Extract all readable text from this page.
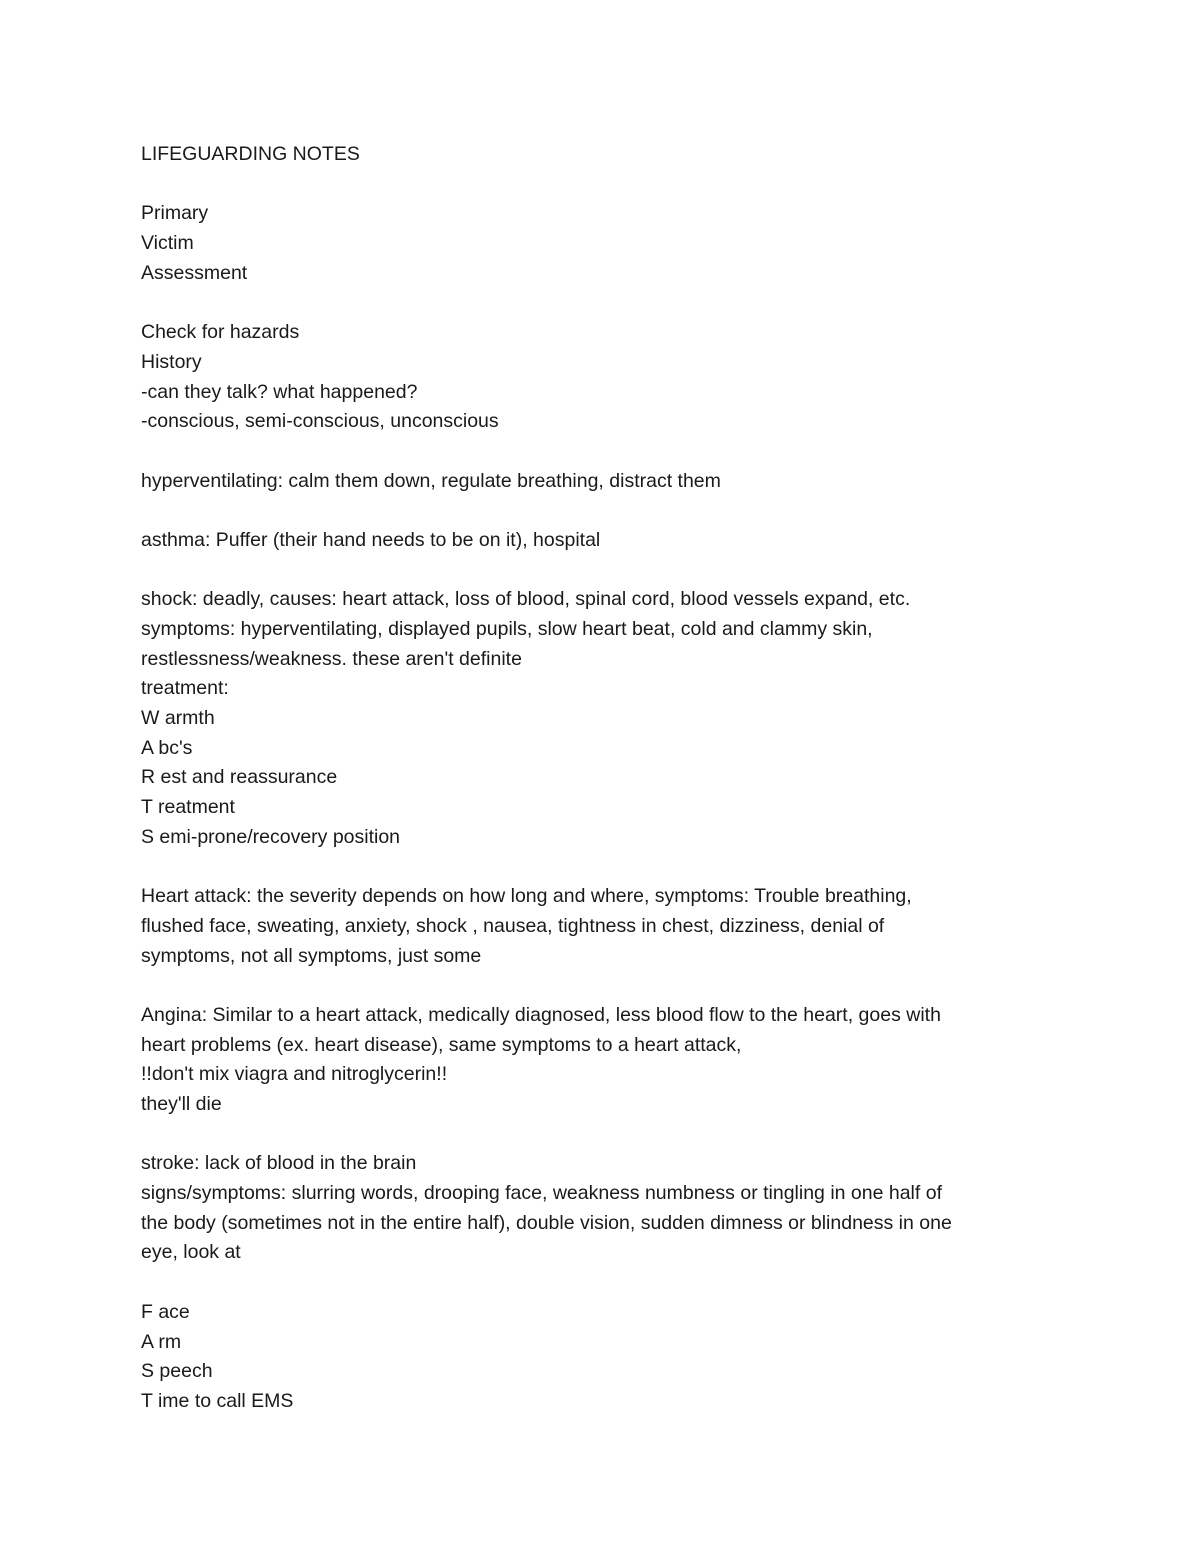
LIFEGUARDING NOTES
Primary
Victim
Assessment
Check for hazards
History
-can they talk? what happened?
-conscious, semi-conscious, unconscious
hyperventilating: calm them down, regulate breathing, distract them
asthma: Puffer (their hand needs to be on it), hospital
shock: deadly, causes: heart attack, loss of blood, spinal cord, blood vessels expand, etc.
symptoms: hyperventilating, displayed pupils, slow heart beat, cold and clammy skin,
restlessness/weakness. these aren't definite
treatment:
W armth
A bc's
R est and reassurance
T reatment
S emi-prone/recovery position
Heart attack: the severity depends on how long and where, symptoms: Trouble breathing,
flushed face, sweating, anxiety, shock , nausea, tightness in chest, dizziness, denial of
symptoms, not all symptoms, just some
Angina: Similar to a heart attack, medically diagnosed, less blood flow to the heart, goes with
heart problems (ex. heart disease), same symptoms to a heart attack,
!!don't mix viagra and nitroglycerin!!
they'll die
stroke: lack of blood in the brain
signs/symptoms: slurring words, drooping face, weakness numbness or tingling in one half of
the body (sometimes not in the entire half), double vision, sudden dimness or blindness in one
eye, look at
F ace
A rm
S peech
T ime to call EMS
